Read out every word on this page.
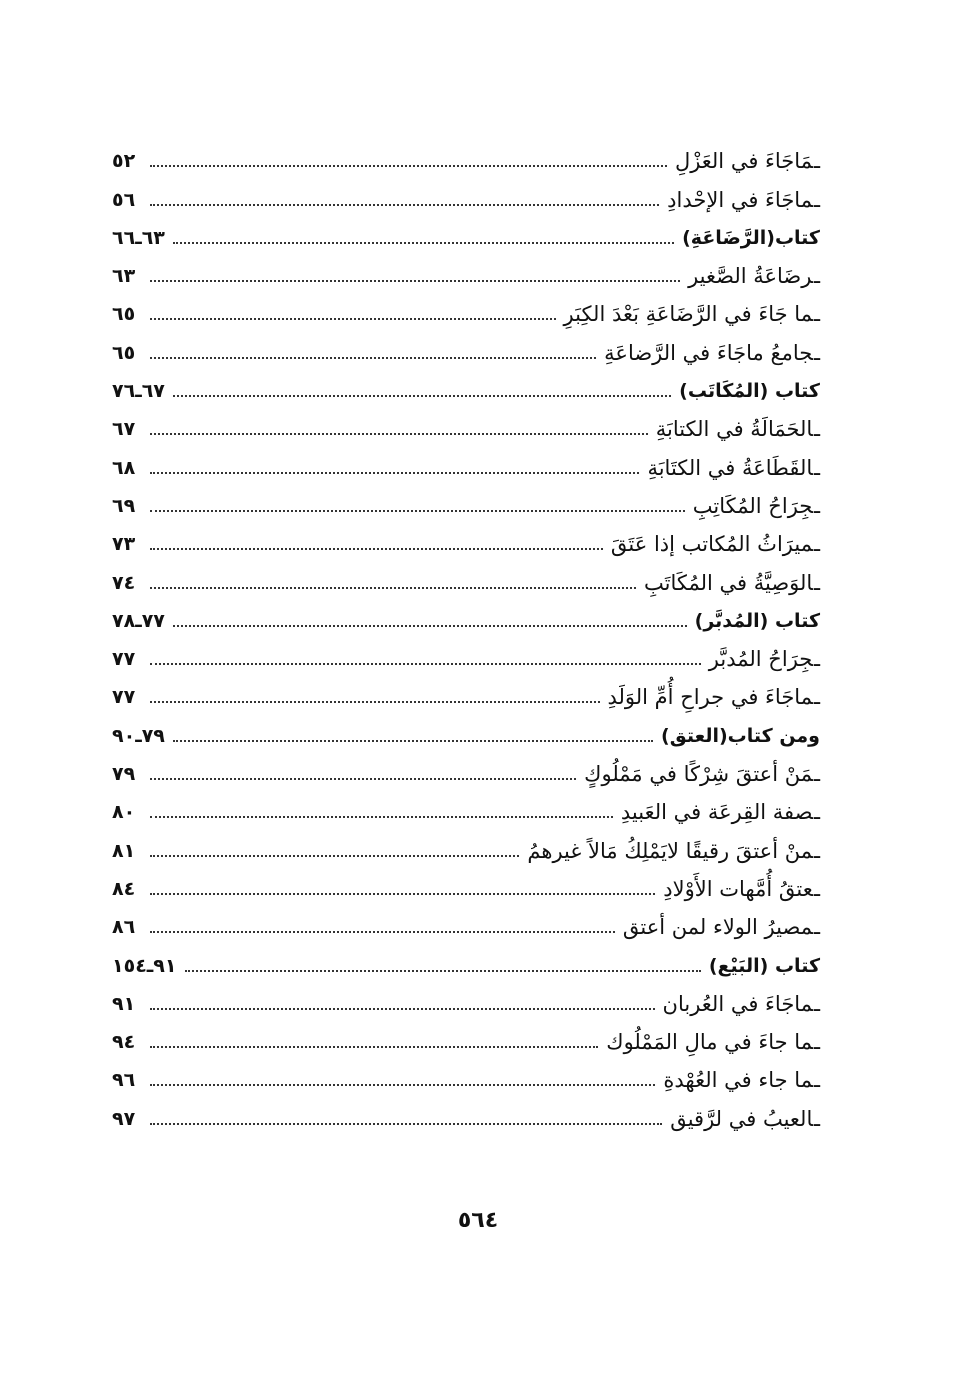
ـ مَاجَاءَ في العَزْلِ
٥٢
ـ ماجَاءَ في الإحْدادِ
٥٦
كتاب(الرَّضَاعَةِ)
٦٣ـ٦٦
ـ رضَاعَةُ الصَّغير
٦٣
ـ ما جَاءَ في الرَّضَاعَةِ بَعْدَ الكِبَرِ
٦٥
ـ جامعُ ماجَاءَ في الرَّضاعَةِ
٦٥
كتاب (المُكَاتَب)
٦٧ـ٧٦
ـ الحَمَالَةُ في الكتابَةِ
٦٧
ـ القَطَاعَةُ في الكتَابَةِ
٦٨
ـ جِرَاحُ المُكَاتِبِ
٦٩
ـ ميرَاثُ المُكاتب إذا عَتَقَ
٧٣
ـ الوَصِيَّةُ في المُكَاتَبِ
٧٤
كتاب (المُدبَّر)
٧٧ـ٧٨
ـ جِرَاحُ المُدبَّر
٧٧
ـ ماجَاءَ في جراحِ أُمِّ الوَلَدِ
٧٧
ومن كتاب(العتق)
٧٩ـ٩٠
ـ مَنْ أعتقَ شِرْكًا في مَمْلُوكٍ
٧٩
ـ صفة القِرعَة في العَبيدِ
٨٠
ـ منْ أعتقَ رقيقًا لايَمْلِكُ مَالاً غيرهمُ
٨١
ـ عتقُ أُمَّهات الأَوْلادِ
٨٤
ـ مصيرُ الولاء لمن أعتق
٨٦
كتاب (البَيْع)
٩١ـ١٥٤
ـ ماجَاءَ في العُربان
٩١
ـ ما جاءَ في مالِ المَمْلُوك
٩٤
ـ ما جاء في العُهْدةِ
٩٦
ـ العيبُ في لرَّقيق
٩٧
٥٦٤
